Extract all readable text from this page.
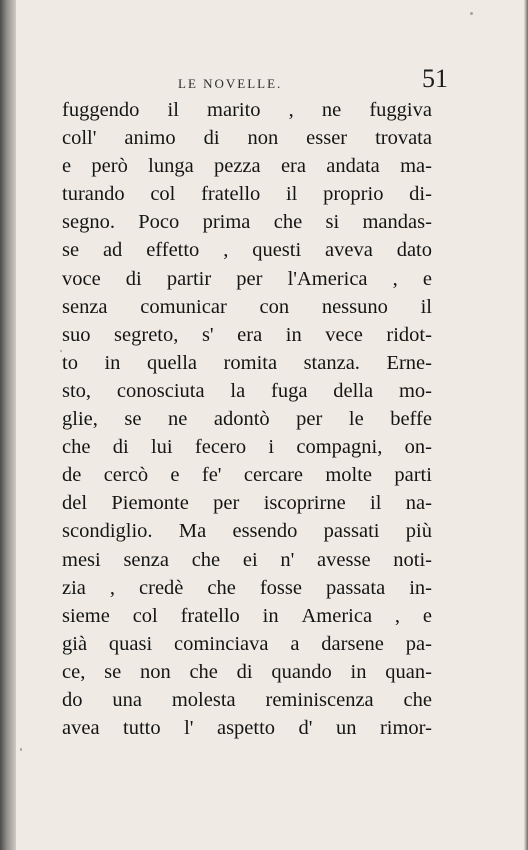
LE NOVELLE.	51
fuggendo il marito , ne fuggiva
coll' animo di non esser trovata
e però lunga pezza era andata ma-
turando col fratello il proprio di-
segno. Poco prima che si mandas-
se ad effetto , questi aveva dato
voce di partir per l'America , e
senza comunicar con nessuno il
suo segreto, s' era in vece ridot-
to in quella romita stanza. Erne-
sto, conosciuta la fuga della mo-
glie, se ne adontò per le beffe
che di lui fecero i compagni, on-
de cercò e fe' cercare molte parti
del Piemonte per iscoprirne il na-
scondiglio. Ma essendo passati più
mesi senza che ei n' avesse noti-
zia , credè che fosse passata in-
sieme col fratello in America , e
già quasi cominciava a darsene pa-
ce, se non che di quando in quan-
do una molesta reminiscenza che
avea tutto l' aspetto d' un rimor-
